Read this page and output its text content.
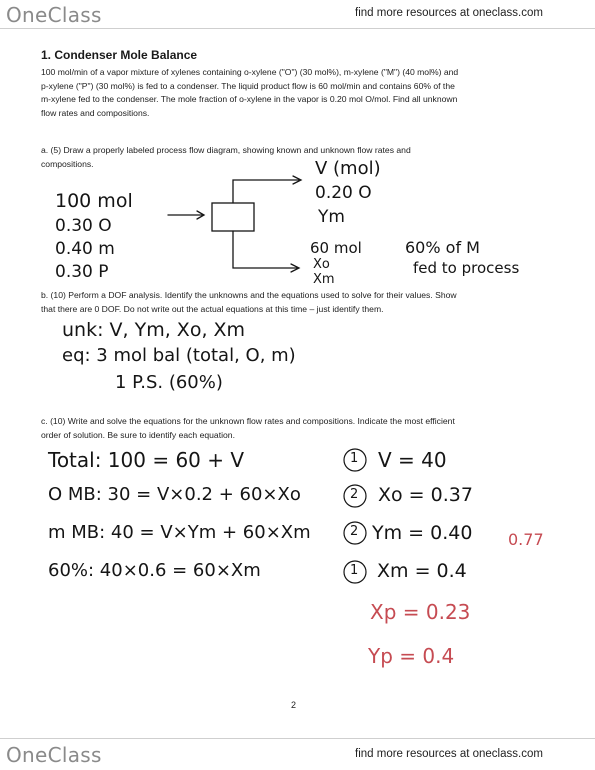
OneClass	find more resources at oneclass.com
1. Condenser Mole Balance
100 mol/min of a vapor mixture of xylenes containing o-xylene ("O") (30 mol%), m-xylene ("M") (40 mol%) and
p-xylene ("P") (30 mol%) is fed to a condenser. The liquid product flow is 60 mol/min and contains 60% of the
m-xylene fed to the condenser. The mole fraction of o-xylene in the vapor is 0.20 mol O/mol. Find all unknown
flow rates and compositions.
a. (5) Draw a properly labeled process flow diagram, showing known and unknown flow rates and
compositions.
100 mol
0.30 O
0.40 m
0.30 P
V (mol)
0.20 O
Ym
60 mol
Xo
Xm
60% of M
fed to process
b. (10) Perform a DOF analysis. Identify the unknowns and the equations used to solve for their values. Show
that there are 0 DOF. Do not write out the actual equations at this time – just identify them.
unk: V, Ym, Xo, Xm
eq: 3 mol bal (total, O, m)
1 P.S. (60%)
c. (10) Write and solve the equations for the unknown flow rates and compositions. Indicate the most efficient
order of solution. Be sure to identify each equation.
Total: 100 = 60 + V
O MB: 30 = V×0.2 + 60×Xo
m MB: 40 = V×Ym + 60×Xm
60%: 40×0.6 = 60×Xm
1
2
2
1
V = 40
Xo = 0.37
Ym = 0.40
Xm = 0.4
0.77
Xp = 0.23
Yp = 0.4
2
OneClass	find more resources at oneclass.com
